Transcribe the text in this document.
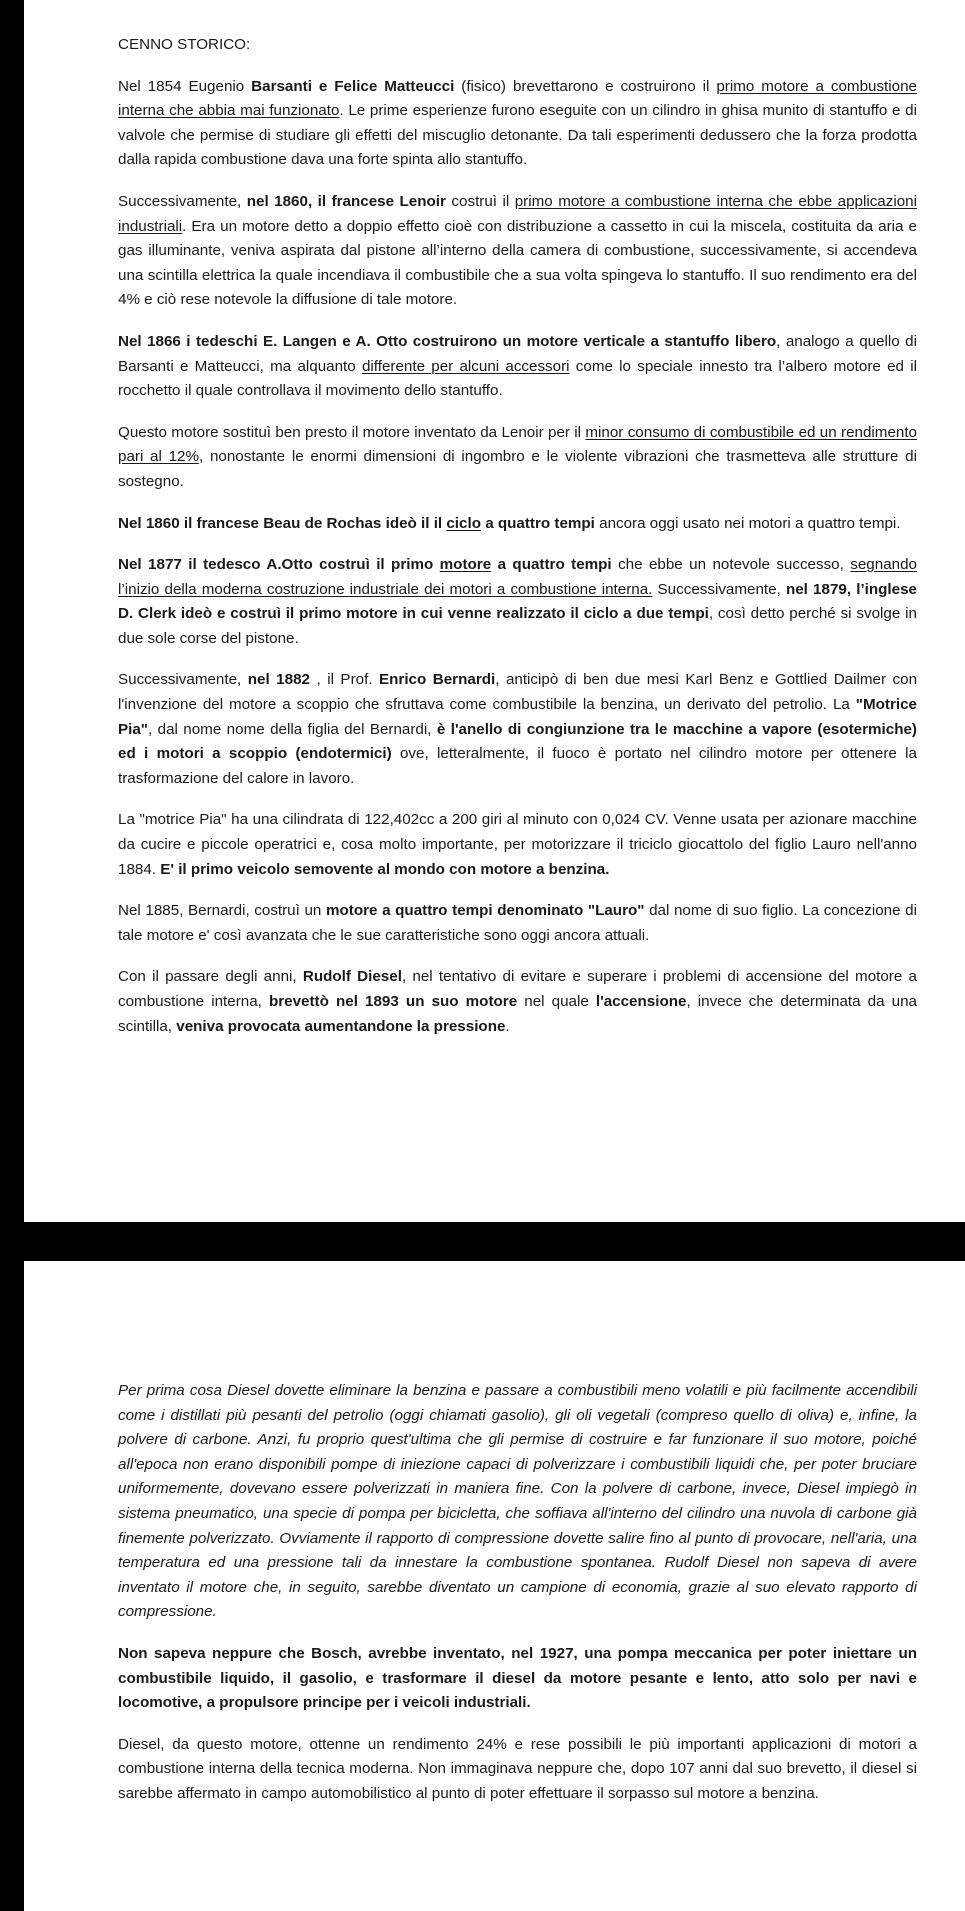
CENNO STORICO:

Nel 1854 Eugenio Barsanti e Felice Matteucci (fisico) brevettarono e costruirono il primo motore a combustione interna che abbia mai funzionato. Le prime esperienze furono eseguite con un cilindro in ghisa munito di stantuffo e di valvole che permise di studiare gli effetti del miscuglio detonante. Da tali esperimenti dedussero che la forza prodotta dalla rapida combustione dava una forte spinta allo stantuffo.

Successivamente, nel 1860, il francese Lenoir costruì il primo motore a combustione interna che ebbe applicazioni industriali. Era un motore detto a doppio effetto cioè con distribuzione a cassetto in cui la miscela, costituita da aria e gas illuminante, veniva aspirata dal pistone all’interno della camera di combustione, successivamente, si accendeva una scintilla elettrica la quale incendiava il combustibile che a sua volta spingeva lo stantuffo. Il suo rendimento era del 4% e ciò rese notevole la diffusione di tale motore.

Nel 1866 i tedeschi E. Langen e A. Otto costruirono un motore verticale a stantuffo libero, analogo a quello di Barsanti e Matteucci, ma alquanto differente per alcuni accessori come lo speciale innesto tra l’albero motore ed il rocchetto il quale controllava il movimento dello stantuffo.

Questo motore sostituì ben presto il motore inventato da Lenoir per il minor consumo di combustibile ed un rendimento pari al 12%, nonostante le enormi dimensioni di ingombro e le violente vibrazioni che trasmetteva alle strutture di sostegno.

Nel 1860 il francese Beau de Rochas ideò il il ciclo a quattro tempi ancora oggi usato nei motori a quattro tempi.

Nel 1877 il tedesco A.Otto costruì il primo motore a quattro tempi che ebbe un notevole successo, segnando l’inizio della moderna costruzione industriale dei motori a combustione interna. Successivamente, nel 1879, l’inglese D. Clerk ideò e costruì il primo motore in cui venne realizzato il ciclo a due tempi, così detto perché si svolge in due sole corse del pistone.

Successivamente, nel 1882 , il Prof. Enrico Bernardi, anticipò di ben due mesi Karl Benz e Gottlied Dailmer con l'invenzione del motore a scoppio che sfruttava come combustibile la benzina, un derivato del petrolio. La "Motrice Pia", dal nome nome della figlia del Bernardi, è l'anello di congiunzione tra le macchine a vapore (esotermiche) ed i motori a scoppio (endotermici) ove, letteralmente, il fuoco è portato nel cilindro motore per ottenere la trasformazione del calore in lavoro.

La "motrice Pia" ha una cilindrata di 122,402cc a 200 giri al minuto con 0,024 CV. Venne usata per azionare macchine da cucire e piccole operatrici e, cosa molto importante, per motorizzare il triciclo giocattolo del figlio Lauro nell'anno 1884. E' il primo veicolo semovente al mondo con motore a benzina.

Nel 1885, Bernardi, costruì un motore a quattro tempi denominato "Lauro" dal nome di suo figlio. La concezione di tale motore e' così avanzata che le sue caratteristiche sono oggi ancora attuali.

Con il passare degli anni, Rudolf Diesel, nel tentativo di evitare e superare i problemi di accensione del motore a combustione interna, brevettò nel 1893 un suo motore nel quale l'accensione, invece che determinata da una scintilla, veniva provocata aumentandone la pressione.

Per prima cosa Diesel dovette eliminare la benzina e passare a combustibili meno volatili e più facilmente accendibili come i distillati più pesanti del petrolio (oggi chiamati gasolio), gli oli vegetali (compreso quello di oliva) e, infine, la polvere di carbone. Anzi, fu proprio quest'ultima che gli permise di costruire e far funzionare il suo motore, poiché all'epoca non erano disponibili pompe di iniezione capaci di polverizzare i combustibili liquidi che, per poter bruciare uniformemente, dovevano essere polverizzati in maniera fine. Con la polvere di carbone, invece, Diesel impiegò in sistema pneumatico, una specie di pompa per bicicletta, che soffiava all'interno del cilindro una nuvola di carbone già finemente polverizzato. Ovviamente il rapporto di compressione dovette salire fino al punto di provocare, nell'aria, una temperatura ed una pressione tali da innestare la combustione spontanea. Rudolf Diesel non sapeva di avere inventato il motore che, in seguito, sarebbe diventato un campione di economia, grazie al suo elevato rapporto di compressione.

Non sapeva neppure che Bosch, avrebbe inventato, nel 1927, una pompa meccanica per poter iniettare un combustibile liquido, il gasolio, e trasformare il diesel da motore pesante e lento, atto solo per navi e locomotive, a propulsore principe per i veicoli industriali.

Diesel, da questo motore, ottenne un rendimento 24% e rese possibili le più importanti applicazioni di motori a combustione interna della tecnica moderna. Non immaginava neppure che, dopo 107 anni dal suo brevetto, il diesel si sarebbe affermato in campo automobilistico al punto di poter effettuare il sorpasso sul motore a benzina.
